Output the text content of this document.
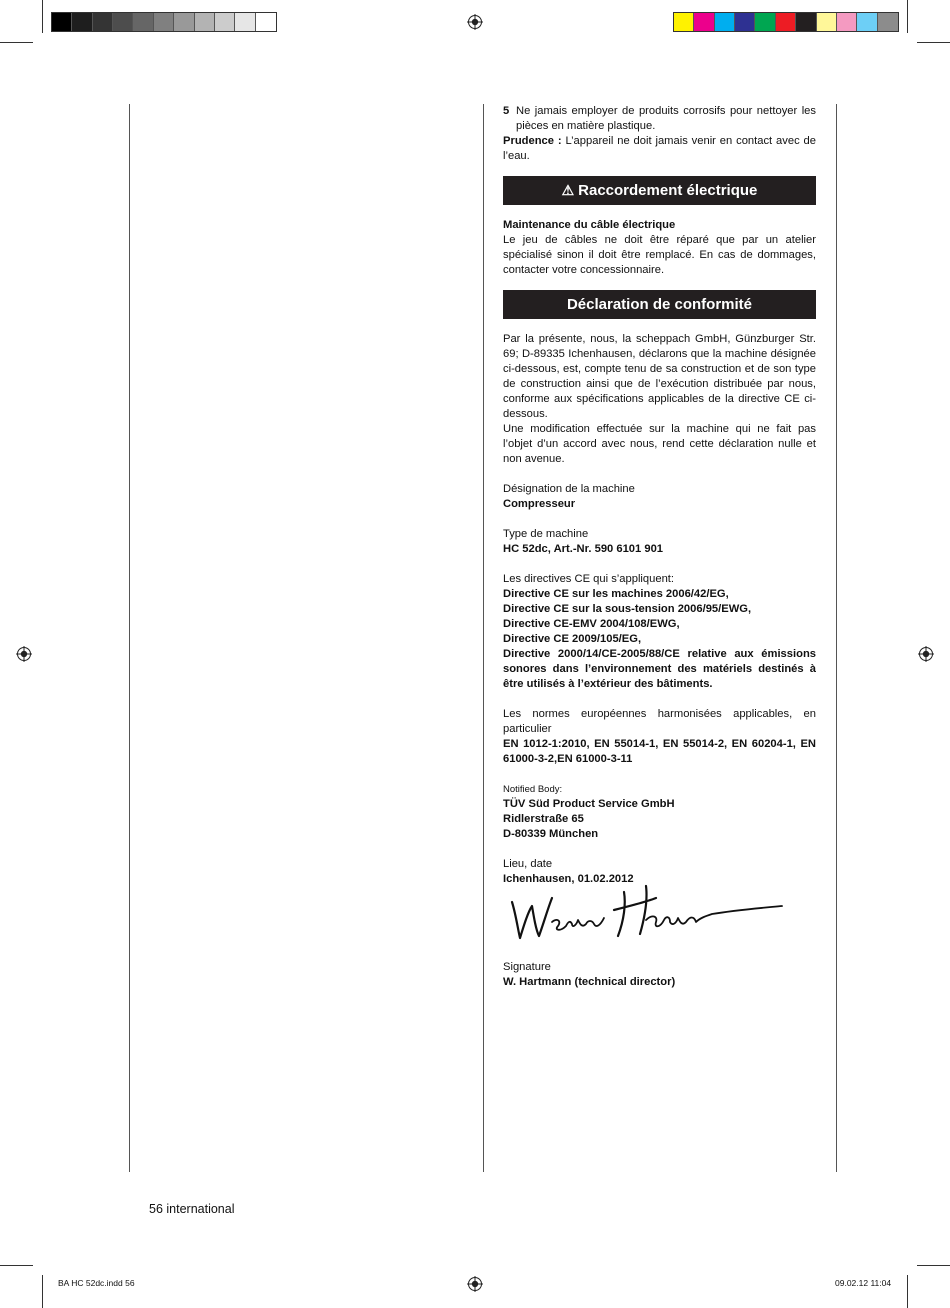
5 Ne jamais employer de produits corrosifs pour nettoyer les pièces en matière plastique.

Prudence : L’appareil ne doit jamais venir en contact avec de l’eau.

⚠ Raccordement électrique

Maintenance du câble électrique

Le jeu de câbles ne doit être réparé que par un atelier spécialisé sinon il doit être remplacé. En cas de dommages, contacter votre concessionnaire.

Déclaration de conformité

Par la présente, nous, la scheppach GmbH, Günzburger Str. 69; D-89335 Ichenhausen, déclarons que la machine désignée ci-dessous, est, compte tenu de sa construction et de son type de construction ainsi que de l’exécution distribuée par nous, conforme aux spécifications applicables de la directive CE ci-dessous.

Une modification effectuée sur la machine qui ne fait pas l’objet d’un accord avec nous, rend cette déclaration nulle et non avenue.

Désignation de la machine

Compresseur

Type de machine

HC 52dc, Art.-Nr. 590 6101 901

Les directives CE qui s’appliquent:

Directive CE sur les machines 2006/42/EG,

Directive CE sur la sous-tension 2006/95/EWG,

Directive CE-EMV 2004/108/EWG,

Directive CE 2009/105/EG,

Directive 2000/14/CE-2005/88/CE relative aux émissions sonores dans l’environnement des matériels destinés à être utilisés à l’extérieur des bâtiments.

Les normes européennes harmonisées applicables, en particulier

EN 1012-1:2010, EN 55014-1, EN 55014-2, EN 60204-1, EN 61000-3-2,EN 61000-3-11

Notified Body:

TÜV Süd Product Service GmbH

Ridlerstraße 65

D-80339 München

Lieu, date

Ichenhausen, 01.02.2012

Signature

W. Hartmann (technical director)

56 international
BA HC 52dc.indd 56	09.02.12 11:04
